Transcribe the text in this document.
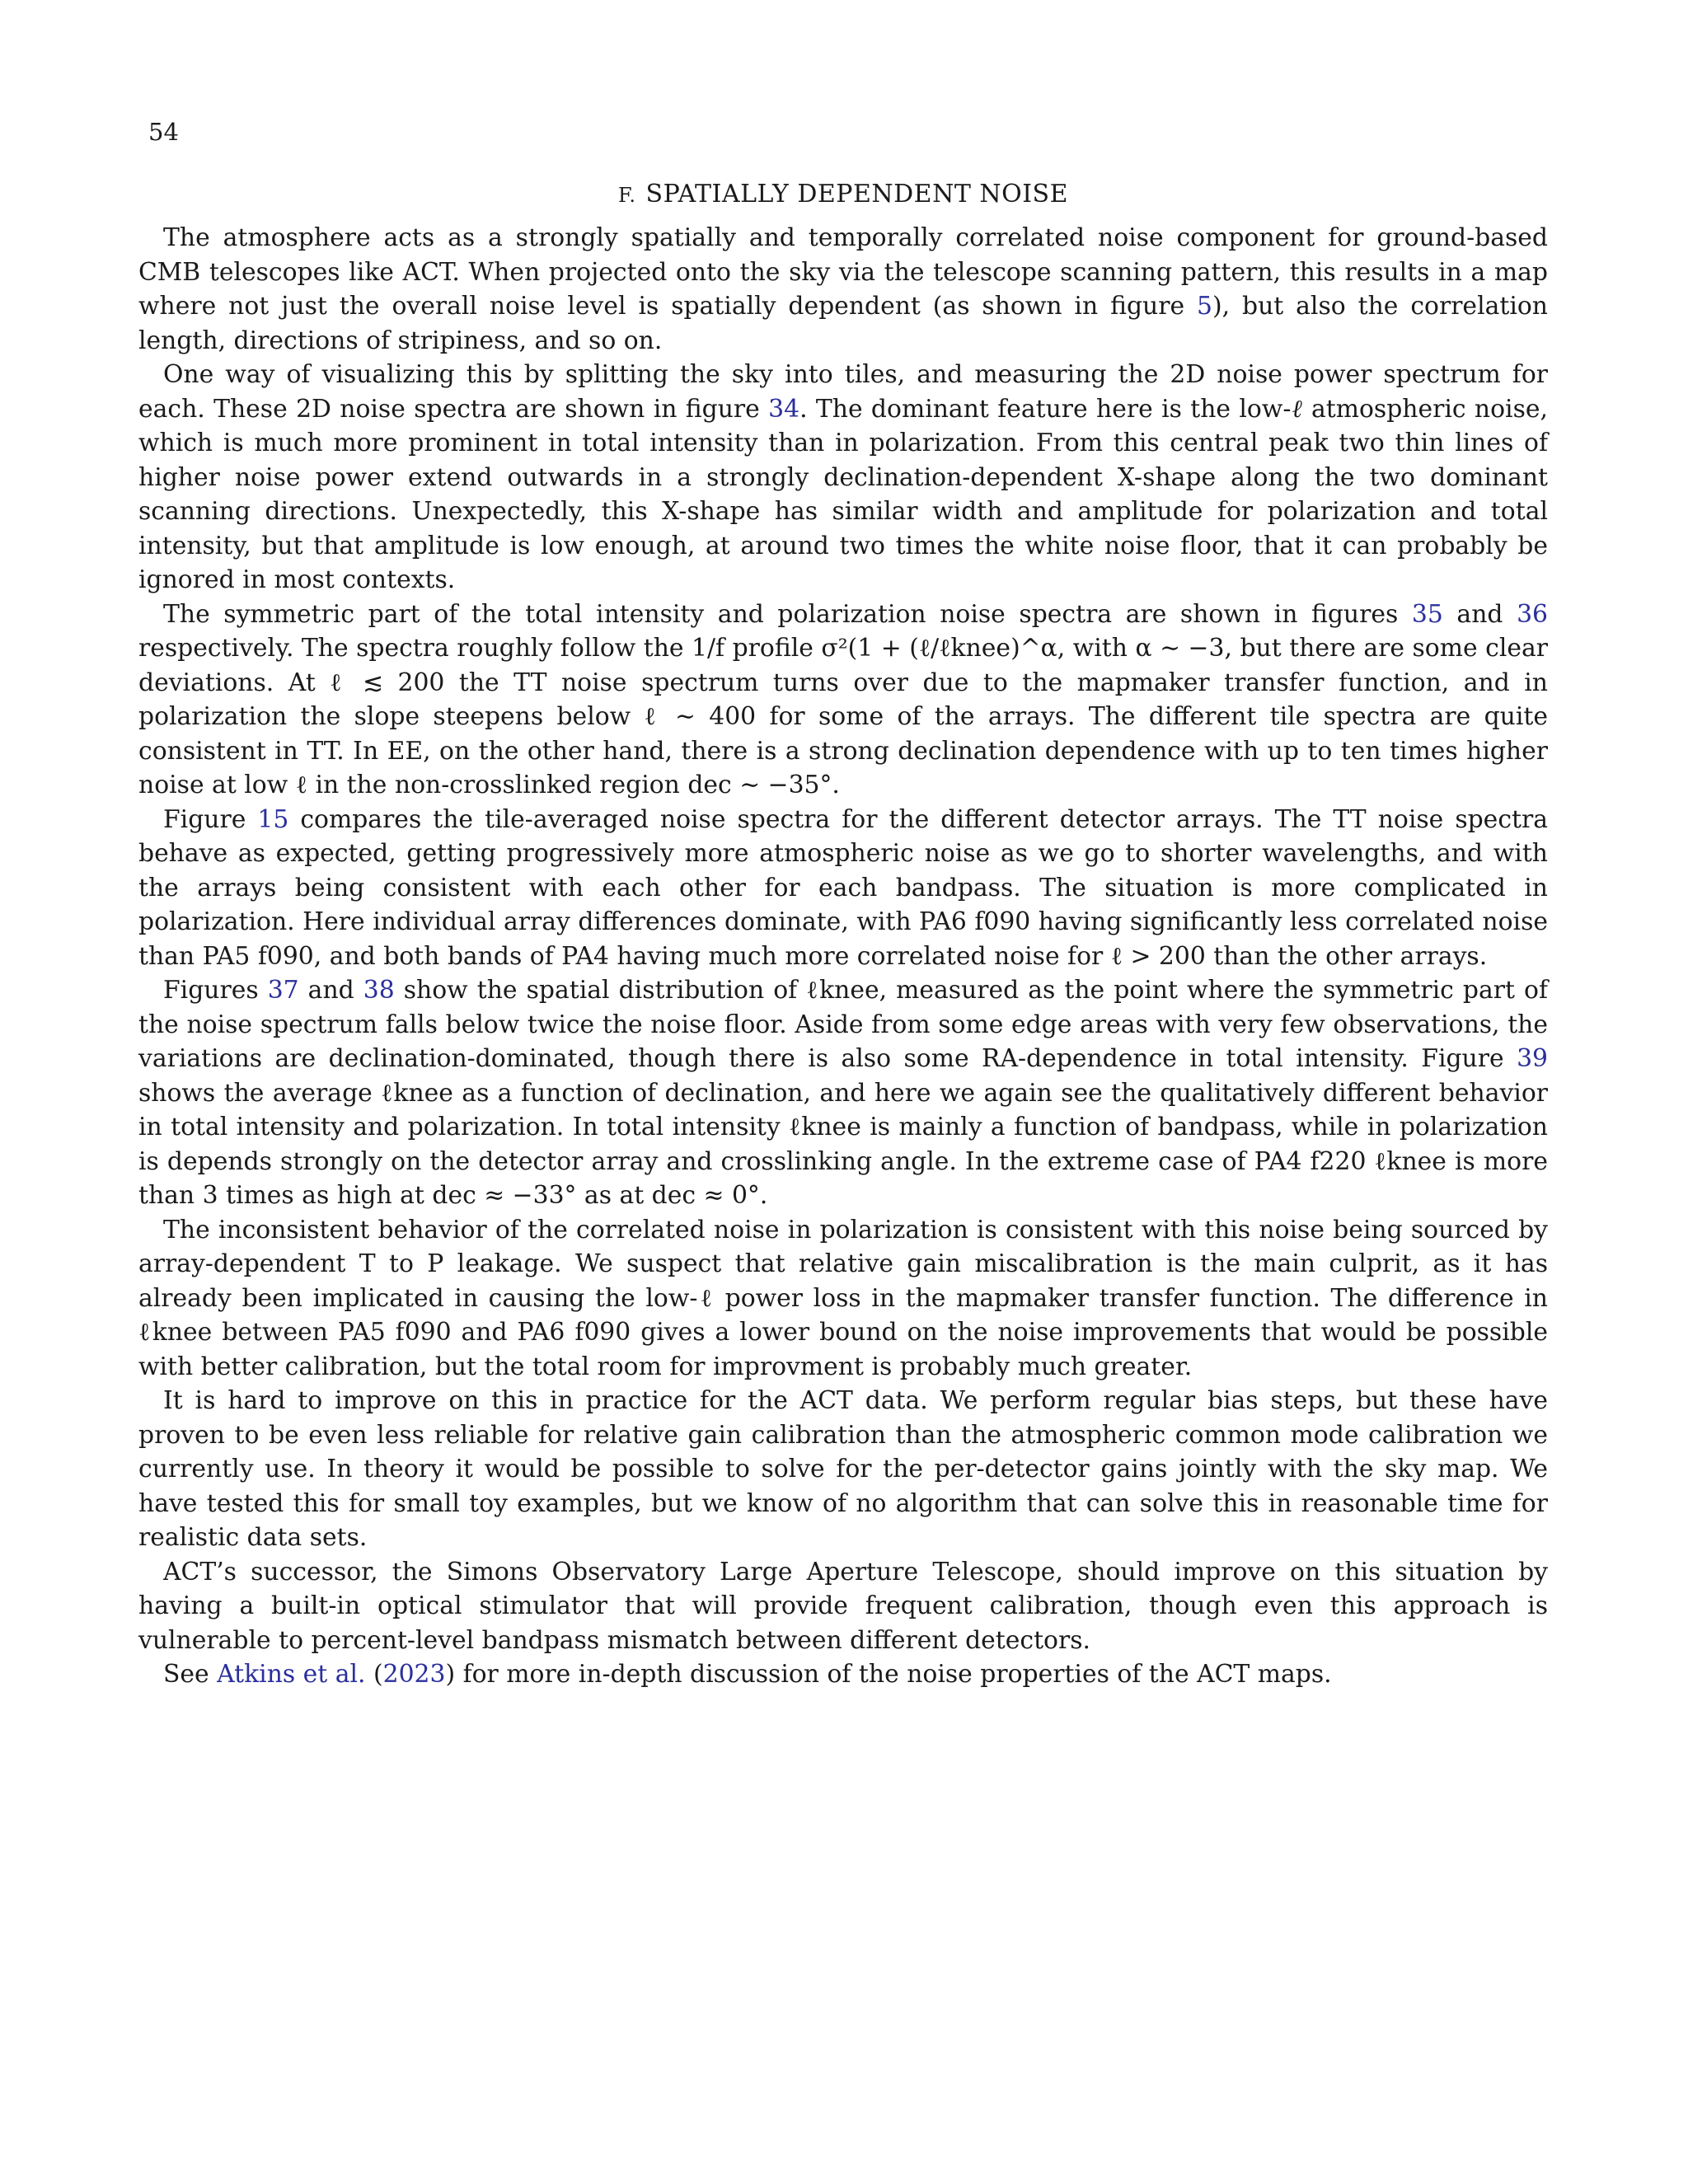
54
F. SPATIALLY DEPENDENT NOISE

The atmosphere acts as a strongly spatially and temporally correlated noise component for ground-based CMB telescopes like ACT. When projected onto the sky via the telescope scanning pattern, this results in a map where not just the overall noise level is spatially dependent (as shown in figure 5), but also the correlation length, directions of stripiness, and so on.

One way of visualizing this by splitting the sky into tiles, and measuring the 2D noise power spectrum for each. These 2D noise spectra are shown in figure 34. The dominant feature here is the low-ℓ atmospheric noise, which is much more prominent in total intensity than in polarization. From this central peak two thin lines of higher noise power extend outwards in a strongly declination-dependent X-shape along the two dominant scanning directions. Unexpectedly, this X-shape has similar width and amplitude for polarization and total intensity, but that amplitude is low enough, at around two times the white noise floor, that it can probably be ignored in most contexts.

The symmetric part of the total intensity and polarization noise spectra are shown in figures 35 and 36 respectively. The spectra roughly follow the 1/f profile σ²(1 + (ℓ/ℓknee)^α, with α ∼ −3, but there are some clear deviations. At ℓ ≲ 200 the TT noise spectrum turns over due to the mapmaker transfer function, and in polarization the slope steepens below ℓ ∼ 400 for some of the arrays. The different tile spectra are quite consistent in TT. In EE, on the other hand, there is a strong declination dependence with up to ten times higher noise at low ℓ in the non-crosslinked region dec ∼ −35°.

Figure 15 compares the tile-averaged noise spectra for the different detector arrays. The TT noise spectra behave as expected, getting progressively more atmospheric noise as we go to shorter wavelengths, and with the arrays being consistent with each other for each bandpass. The situation is more complicated in polarization. Here individual array differences dominate, with PA6 f090 having significantly less correlated noise than PA5 f090, and both bands of PA4 having much more correlated noise for ℓ > 200 than the other arrays.

Figures 37 and 38 show the spatial distribution of ℓknee, measured as the point where the symmetric part of the noise spectrum falls below twice the noise floor. Aside from some edge areas with very few observations, the variations are declination-dominated, though there is also some RA-dependence in total intensity. Figure 39 shows the average ℓknee as a function of declination, and here we again see the qualitatively different behavior in total intensity and polarization. In total intensity ℓknee is mainly a function of bandpass, while in polarization is depends strongly on the detector array and crosslinking angle. In the extreme case of PA4 f220 ℓknee is more than 3 times as high at dec ≈ −33° as at dec ≈ 0°.

The inconsistent behavior of the correlated noise in polarization is consistent with this noise being sourced by array-dependent T to P leakage. We suspect that relative gain miscalibration is the main culprit, as it has already been implicated in causing the low-ℓ power loss in the mapmaker transfer function. The difference in ℓknee between PA5 f090 and PA6 f090 gives a lower bound on the noise improvements that would be possible with better calibration, but the total room for improvment is probably much greater.

It is hard to improve on this in practice for the ACT data. We perform regular bias steps, but these have proven to be even less reliable for relative gain calibration than the atmospheric common mode calibration we currently use. In theory it would be possible to solve for the per-detector gains jointly with the sky map. We have tested this for small toy examples, but we know of no algorithm that can solve this in reasonable time for realistic data sets.

ACT’s successor, the Simons Observatory Large Aperture Telescope, should improve on this situation by having a built-in optical stimulator that will provide frequent calibration, though even this approach is vulnerable to percent-level bandpass mismatch between different detectors.

See Atkins et al. (2023) for more in-depth discussion of the noise properties of the ACT maps.
